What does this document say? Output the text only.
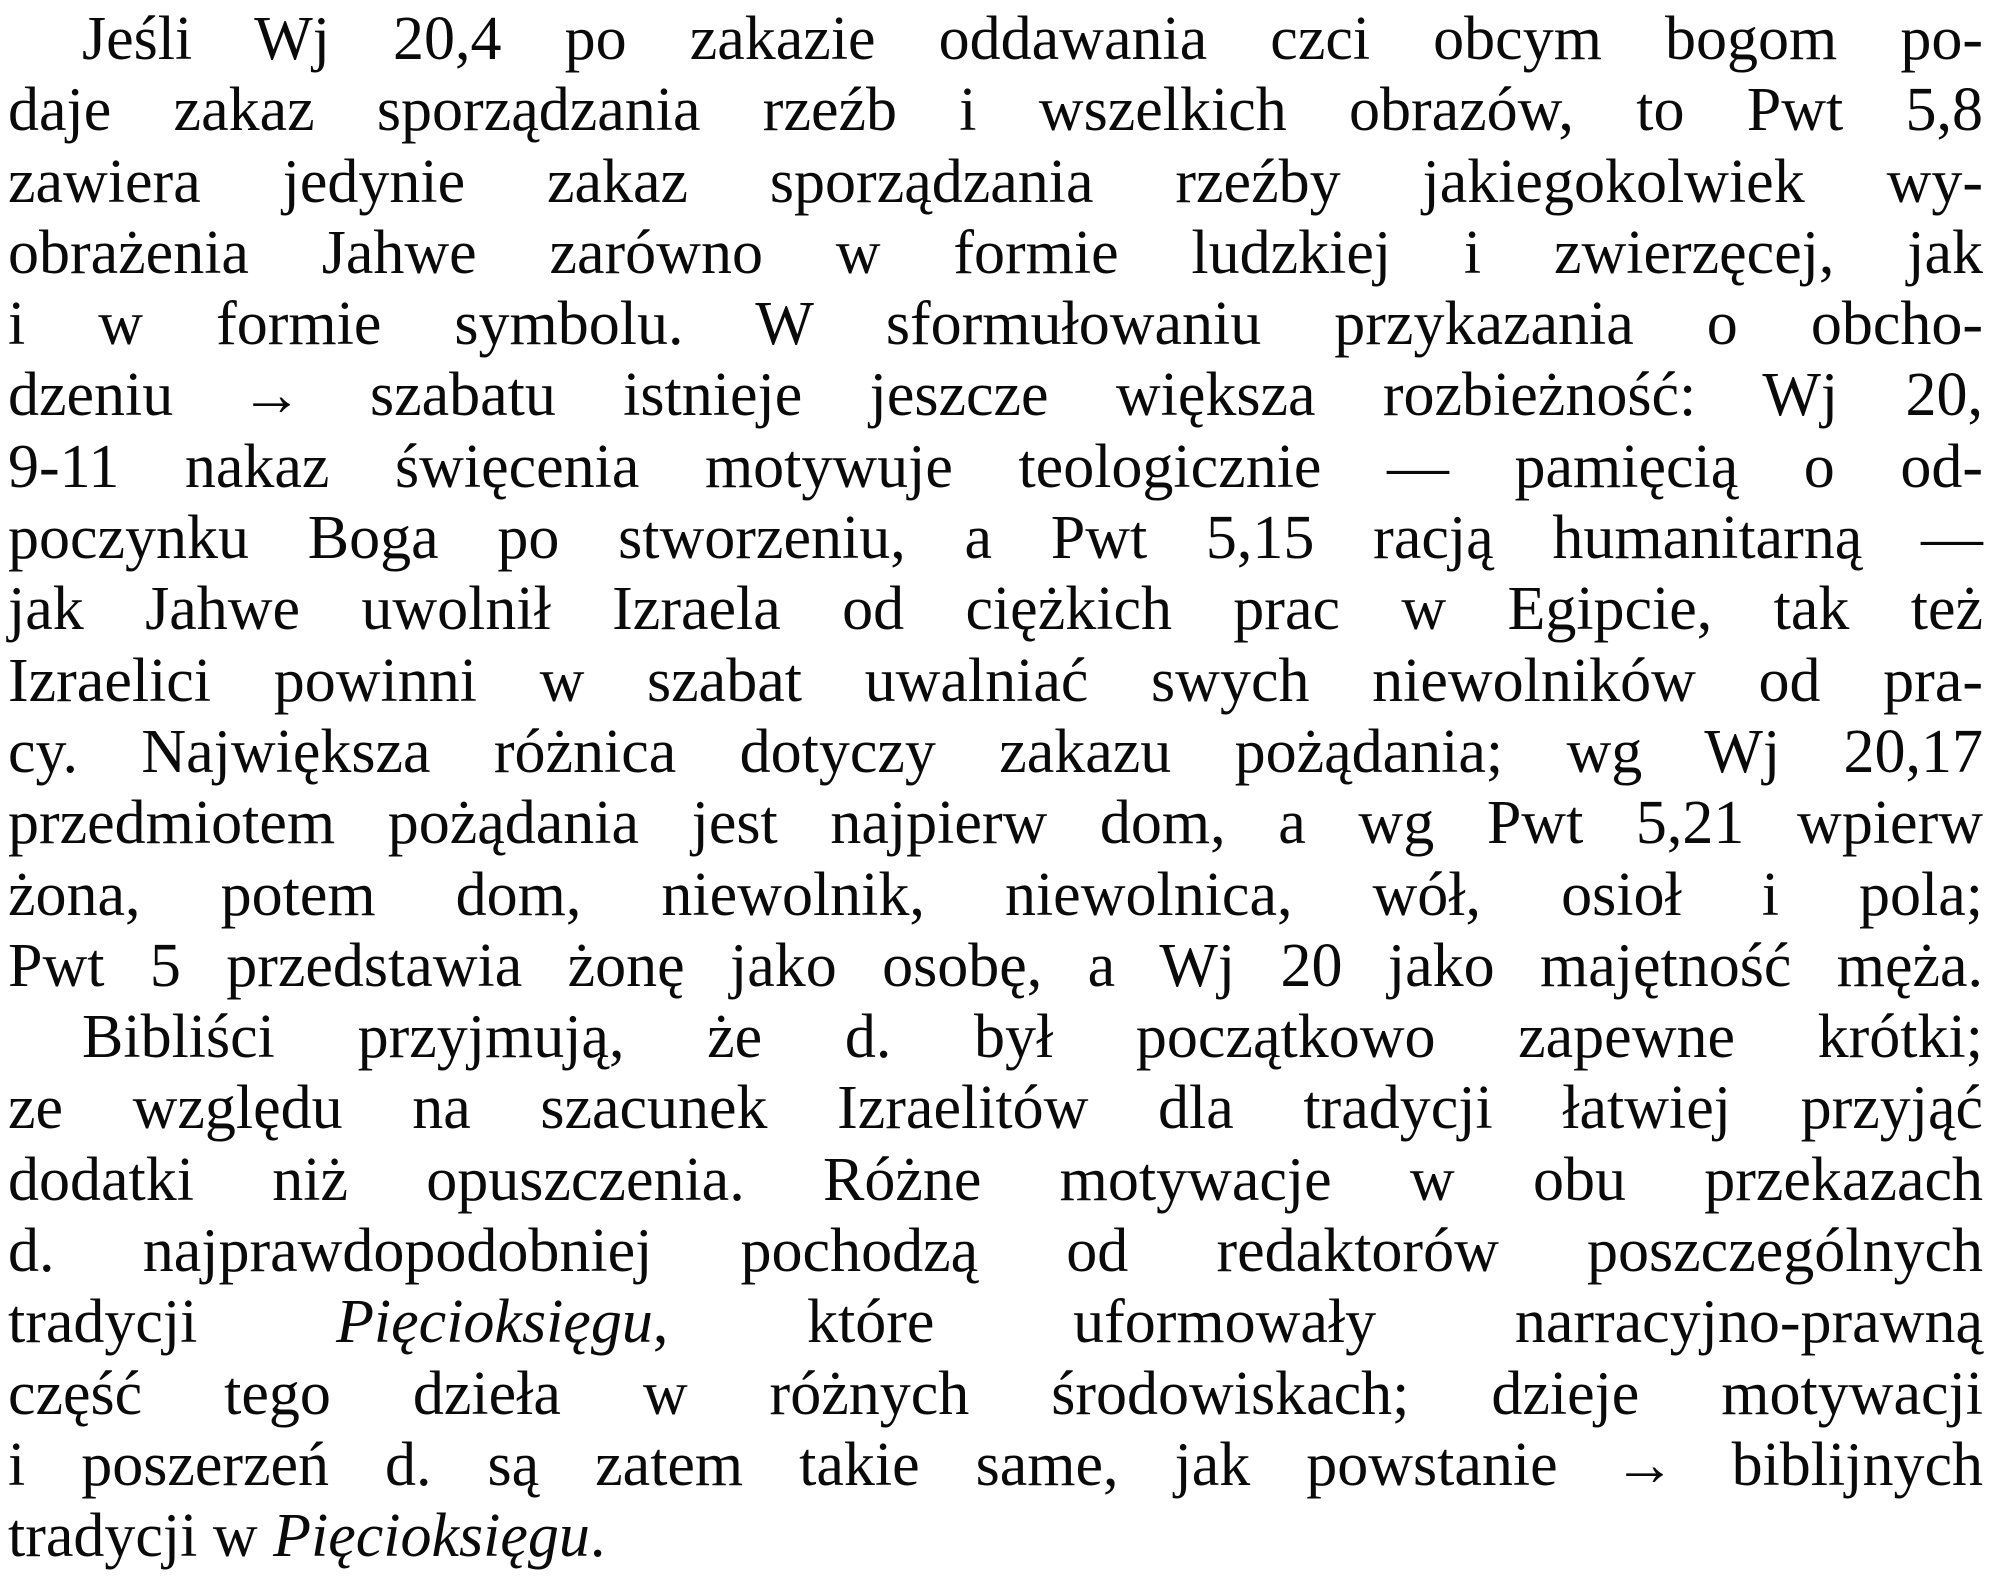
Jeśli Wj 20,4 po zakazie oddawania czci obcym bogom po-
daje zakaz sporządzania rzeźb i wszelkich obrazów, to Pwt 5,8
zawiera jedynie zakaz sporządzania rzeźby jakiegokolwiek wy-
obrażenia Jahwe zarówno w formie ludzkiej i zwierzęcej, jak
i w formie symbolu. W sformułowaniu przykazania o obcho-
dzeniu → szabatu istnieje jeszcze większa rozbieżność: Wj 20,
9-11 nakaz święcenia motywuje teologicznie — pamięcią o od-
poczynku Boga po stworzeniu, a Pwt 5,15 racją humanitarną —
jak Jahwe uwolnił Izraela od ciężkich prac w Egipcie, tak też
Izraelici powinni w szabat uwalniać swych niewolników od pra-
cy. Największa różnica dotyczy zakazu pożądania; wg Wj 20,17
przedmiotem pożądania jest najpierw dom, a wg Pwt 5,21 wpierw
żona, potem dom, niewolnik, niewolnica, wół, osioł i pola;
Pwt 5 przedstawia żonę jako osobę, a Wj 20 jako majętność męża.
Bibliści przyjmują, że d. był początkowo zapewne krótki;
ze względu na szacunek Izraelitów dla tradycji łatwiej przyjąć
dodatki niż opuszczenia. Różne motywacje w obu przekazach
d. najprawdopodobniej pochodzą od redaktorów poszczególnych
tradycji Pięcioksięgu, które uformowały narracyjno-prawną
część tego dzieła w różnych środowiskach; dzieje motywacji
i poszerzeń d. są zatem takie same, jak powstanie → biblijnych
tradycji w Pięcioksięgu.
